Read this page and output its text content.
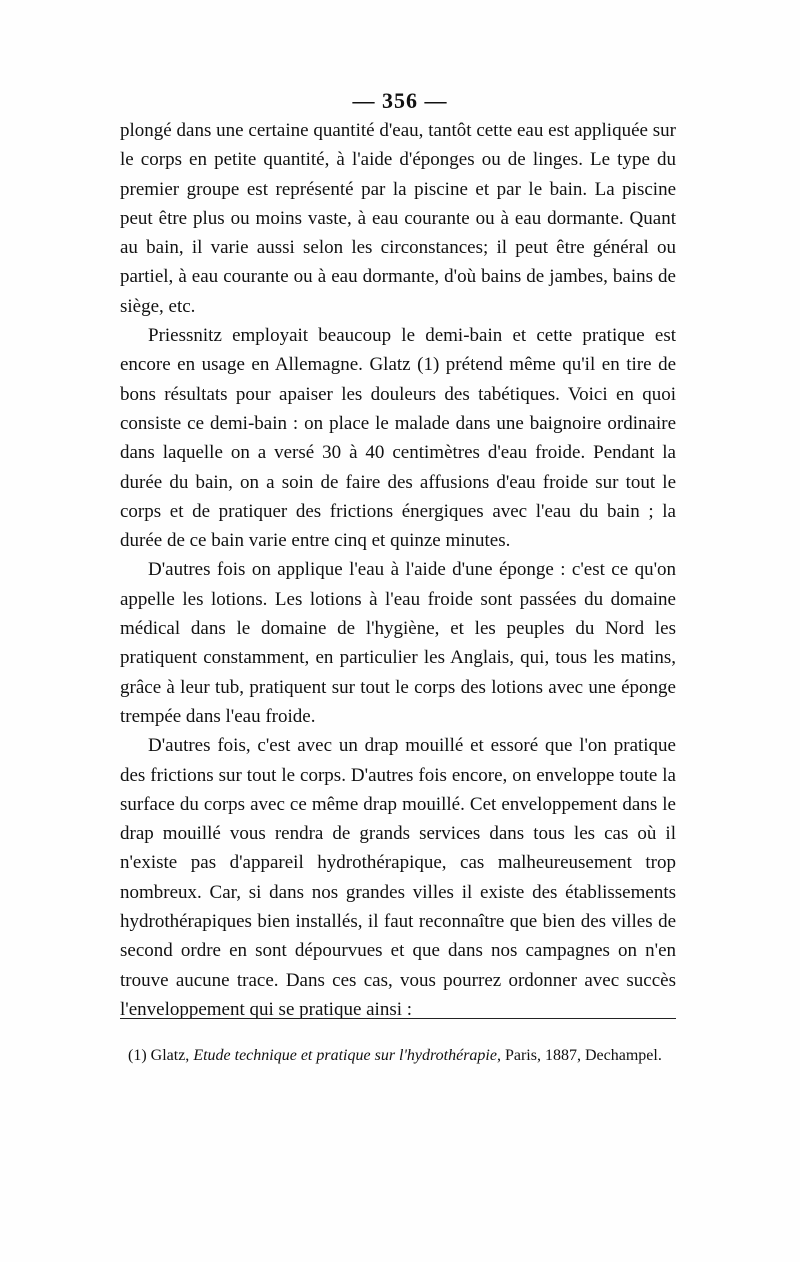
— 356 —

plongé dans une certaine quantité d'eau, tantôt cette eau est appliquée sur le corps en petite quantité, à l'aide d'éponges ou de linges. Le type du premier groupe est représenté par la piscine et par le bain. La piscine peut être plus ou moins vaste, à eau courante ou à eau dormante. Quant au bain, il varie aussi selon les circonstances; il peut être général ou partiel, à eau courante ou à eau dormante, d'où bains de jambes, bains de siège, etc.

Priessnitz employait beaucoup le demi-bain et cette pratique est encore en usage en Allemagne. Glatz (1) prétend même qu'il en tire de bons résultats pour apaiser les douleurs des tabétiques. Voici en quoi consiste ce demi-bain : on place le malade dans une baignoire ordinaire dans laquelle on a versé 30 à 40 centimètres d'eau froide. Pendant la durée du bain, on a soin de faire des affusions d'eau froide sur tout le corps et de pratiquer des frictions énergiques avec l'eau du bain ; la durée de ce bain varie entre cinq et quinze minutes.

D'autres fois on applique l'eau à l'aide d'une éponge : c'est ce qu'on appelle les lotions. Les lotions à l'eau froide sont passées du domaine médical dans le domaine de l'hygiène, et les peuples du Nord les pratiquent constamment, en particulier les Anglais, qui, tous les matins, grâce à leur tub, pratiquent sur tout le corps des lotions avec une éponge trempée dans l'eau froide.

D'autres fois, c'est avec un drap mouillé et essoré que l'on pratique des frictions sur tout le corps. D'autres fois encore, on enveloppe toute la surface du corps avec ce même drap mouillé. Cet enveloppement dans le drap mouillé vous rendra de grands services dans tous les cas où il n'existe pas d'appareil hydrothérapique, cas malheureusement trop nombreux. Car, si dans nos grandes villes il existe des établissements hydrothérapiques bien installés, il faut reconnaître que bien des villes de second ordre en sont dépourvues et que dans nos campagnes on n'en trouve aucune trace. Dans ces cas, vous pourrez ordonner avec succès l'enveloppement qui se pratique ainsi :

(1) Glatz, Etude technique et pratique sur l'hydrothérapie, Paris, 1887, Dechampel.
